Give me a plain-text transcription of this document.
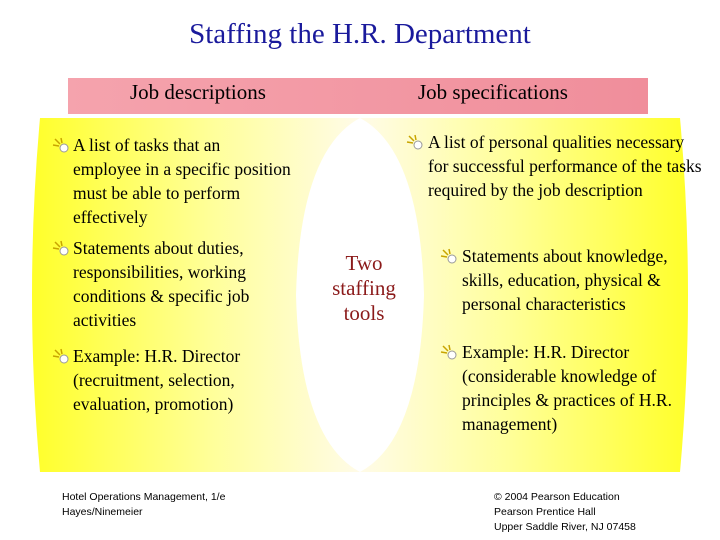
Staffing the H.R. Department
Job descriptions	Job specifications
A list of tasks that an employee in a specific position must be able to perform effectively
Statements about duties, responsibilities, working conditions & specific job activities
Example: H.R. Director (recruitment, selection, evaluation, promotion)
Two
staffing
tools
A list of personal qualities necessary for successful performance of the tasks required by the job description
Statements about knowledge, skills, education, physical & personal characteristics
Example: H.R. Director (considerable knowledge of principles & practices of H.R. management)
Hotel Operations Management, 1/e
Hayes/Ninemeier
© 2004 Pearson Education
Pearson Prentice Hall
Upper Saddle River, NJ 07458
